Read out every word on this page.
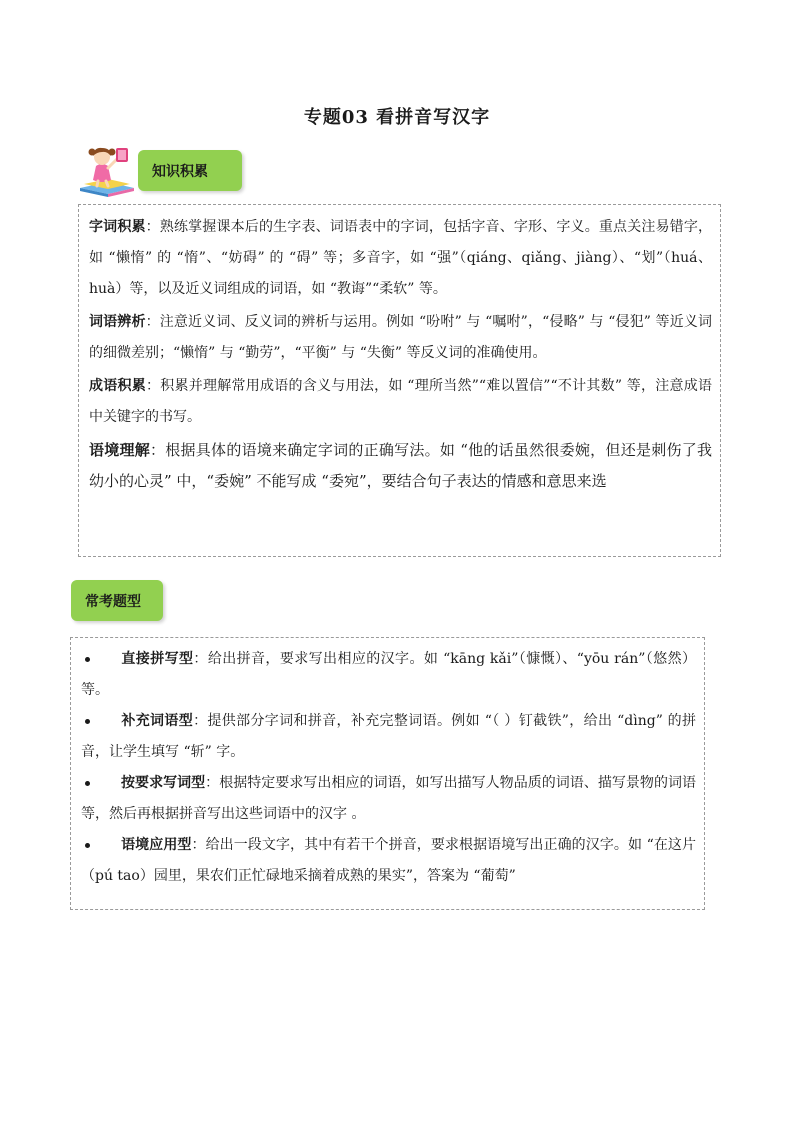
专题03 看拼音写汉字
知识积累

字词积累：熟练掌握课本后的生字表、词语表中的字词，包括字音、字形、字义。重点关注易错字，如 “懒惰” 的 “惰”、“妨碍” 的 “碍” 等；多音字，如 “强”（qiáng、qiǎng、jiàng）、“划”（huá、huà）等，以及近义词组成的词语，如 “教诲”“柔软” 等。

词语辨析：注意近义词、反义词的辨析与运用。例如 “吩咐” 与 “嘱咐”，“侵略” 与 “侵犯” 等近义词的细微差别；“懒惰” 与 “勤劳”，“平衡” 与 “失衡” 等反义词的准确使用。

成语积累：积累并理解常用成语的含义与用法，如 “理所当然”“难以置信”“不计其数” 等，注意成语中关键字的书写。

语境理解：根据具体的语境来确定字词的正确写法。如 “他的话虽然很委婉，但还是刺伤了我幼小的心灵” 中，“委婉” 不能写成 “委宛”，要结合句子表达的情感和意思来选

常考题型

直接拼写型：给出拼音，要求写出相应的汉字。如 “kāng kǎi”（慷慨）、“yōu rán”（悠然）等。

补充词语型：提供部分字词和拼音，补充完整词语。例如 “（ ）钉截铁”，给出 “dìng” 的拼音，让学生填写 “斩” 字。

按要求写词型：根据特定要求写出相应的词语，如写出描写人物品质的词语、描写景物的词语等，然后再根据拼音写出这些词语中的汉字 。

语境应用型：给出一段文字，其中有若干个拼音，要求根据语境写出正确的汉字。如 “在这片（pú tao）园里，果农们正忙碌地采摘着成熟的果实”，答案为 “葡萄”
